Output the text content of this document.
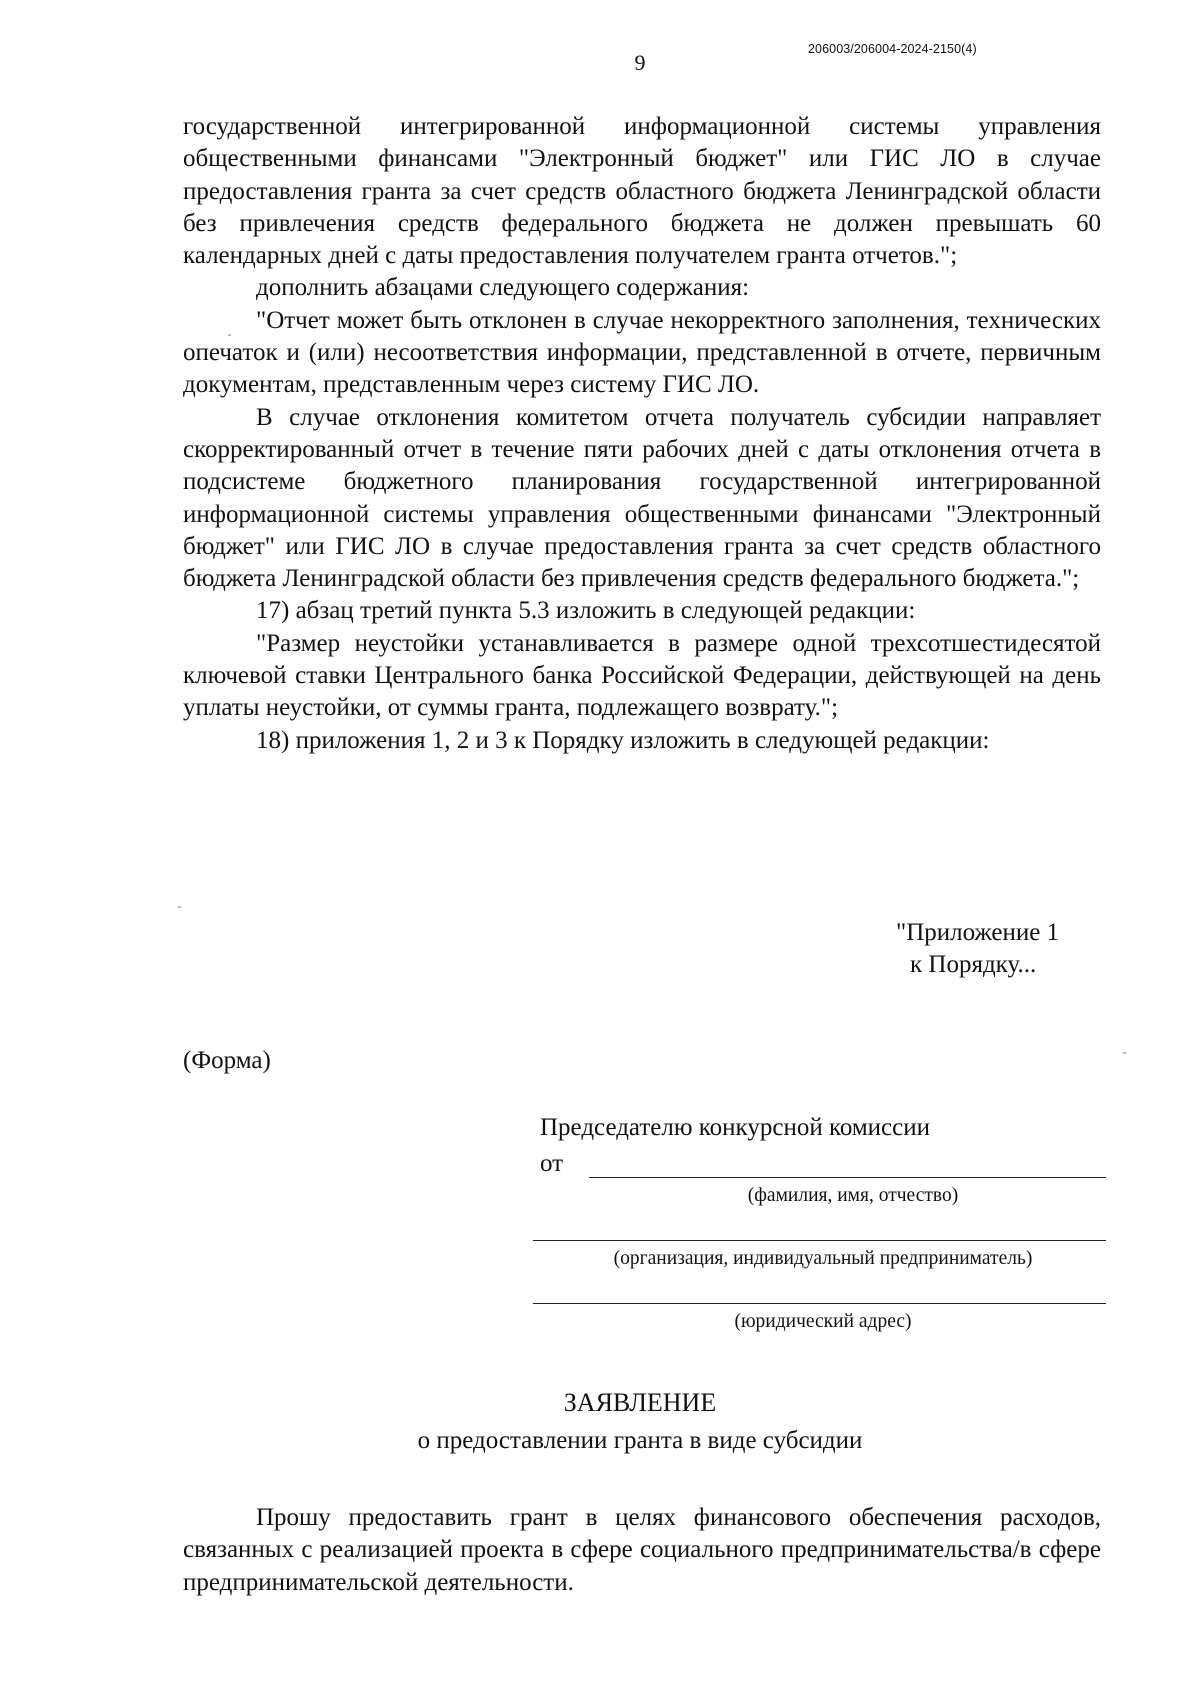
206003/206004-2024-2150(4)
9

государственной интегрированной информационной системы управления общественными финансами "Электронный бюджет" или ГИС ЛО в случае предоставления гранта за счет средств областного бюджета Ленинградской области без привлечения средств федерального бюджета не должен превышать 60 календарных дней с даты предоставления получателем гранта отчетов.";

дополнить абзацами следующего содержания:

"Отчет может быть отклонен в случае некорректного заполнения, технических опечаток и (или) несоответствия информации, представленной в отчете, первичным документам, представленным через систему ГИС ЛО.

В случае отклонения комитетом отчета получатель субсидии направляет скорректированный отчет в течение пяти рабочих дней с даты отклонения отчета в подсистеме бюджетного планирования государственной интегрированной информационной системы управления общественными финансами "Электронный бюджет" или ГИС ЛО в случае предоставления гранта за счет средств областного бюджета Ленинградской области без привлечения средств федерального бюджета.";

17) абзац третий пункта 5.3 изложить в следующей редакции:

"Размер неустойки устанавливается в размере одной трехсотшестидесятой ключевой ставки Центрального банка Российской Федерации, действующей на день уплаты неустойки, от суммы гранта, подлежащего возврату.";

18) приложения 1, 2 и 3 к Порядку изложить в следующей редакции:

"Приложение 1
к Порядку...
(Форма)
Председателю конкурсной комиссии
от
(фамилия, имя, отчество)
(организация, индивидуальный предприниматель)
(юридический адрес)
ЗАЯВЛЕНИЕ
о предоставлении гранта в виде субсидии

Прошу предоставить грант в целях финансового обеспечения расходов, связанных с реализацией проекта в сфере социального предпринимательства/в сфере предпринимательской деятельности.
